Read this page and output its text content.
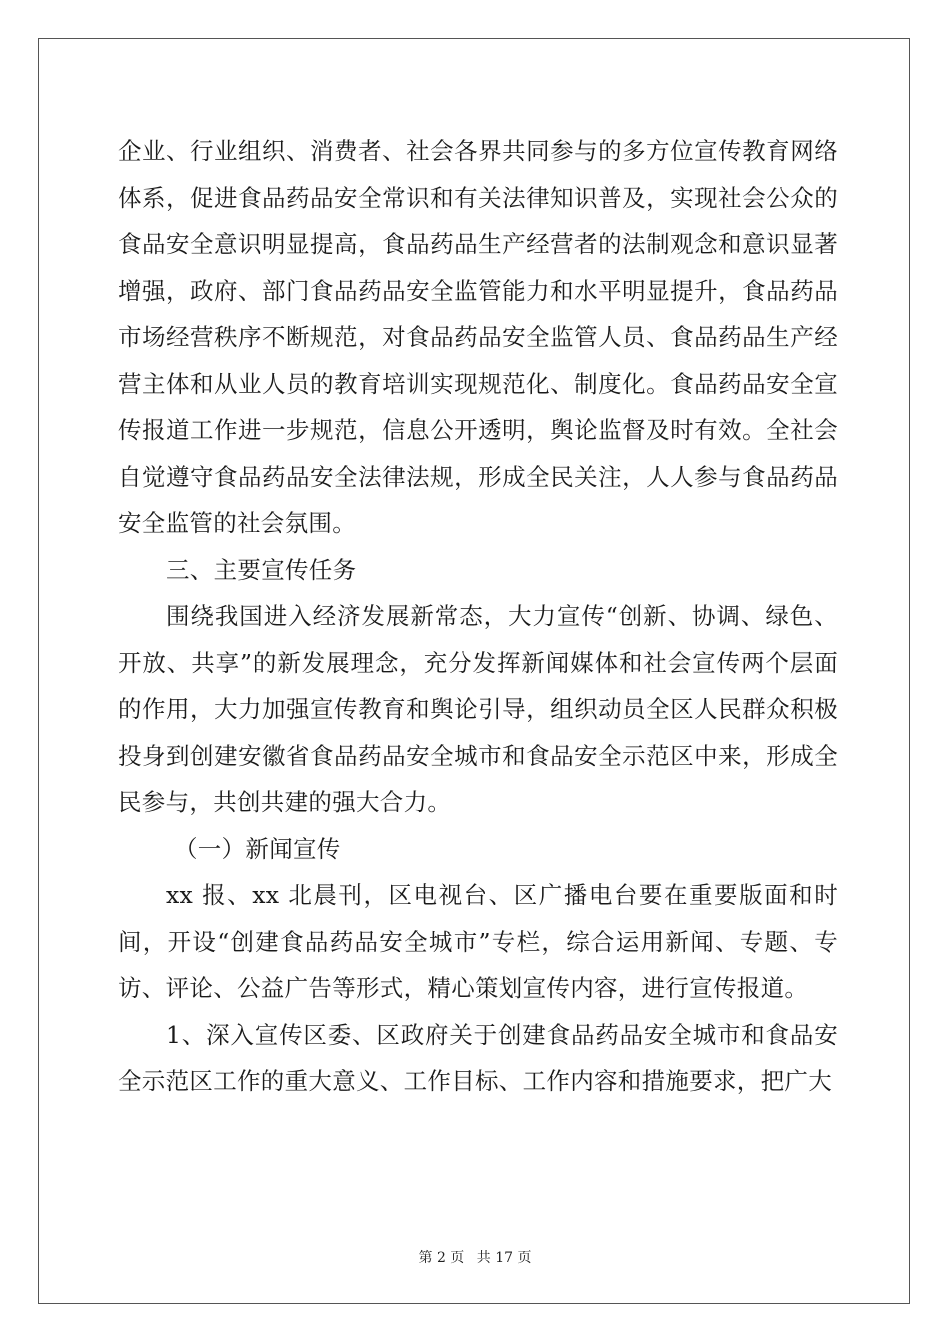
企业、行业组织、消费者、社会各界共同参与的多方位宣传教育网络体系，促进食品药品安全常识和有关法律知识普及，实现社会公众的食品安全意识明显提高，食品药品生产经营者的法制观念和意识显著增强，政府、部门食品药品安全监管能力和水平明显提升，食品药品市场经营秩序不断规范，对食品药品安全监管人员、食品药品生产经营主体和从业人员的教育培训实现规范化、制度化。食品药品安全宣传报道工作进一步规范，信息公开透明，舆论监督及时有效。全社会自觉遵守食品药品安全法律法规，形成全民关注，人人参与食品药品安全监管的社会氛围。

三、主要宣传任务

围绕我国进入经济发展新常态，大力宣传“创新、协调、绿色、开放、共享”的新发展理念，充分发挥新闻媒体和社会宣传两个层面的作用，大力加强宣传教育和舆论引导，组织动员全区人民群众积极投身到创建安徽省食品药品安全城市和食品安全示范区中来，形成全民参与，共创共建的强大合力。

（一）新闻宣传

xx 报、xx 北晨刊，区电视台、区广播电台要在重要版面和时间，开设“创建食品药品安全城市”专栏，综合运用新闻、专题、专访、评论、公益广告等形式，精心策划宣传内容，进行宣传报道。

1、深入宣传区委、区政府关于创建食品药品安全城市和食品安全示范区工作的重大意义、工作目标、工作内容和措施要求，把广大

第 2 页 共 17 页
